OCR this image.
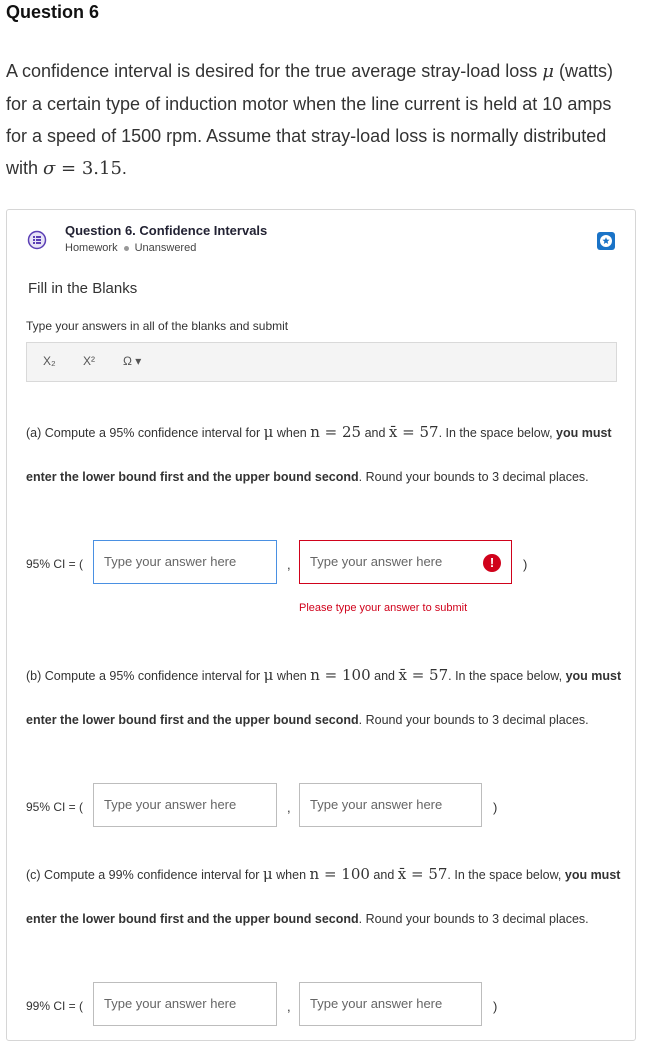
Question 6
A confidence interval is desired for the true average stray-load loss μ (watts) for a certain type of induction motor when the line current is held at 10 amps for a speed of 1500 rpm. Assume that stray-load loss is normally distributed with σ = 3.15.
Question 6. Confidence Intervals
Homework Unanswered
Fill in the Blanks
Type your answers in all of the blanks and submit
X₂ X² Ω ▾
(a) Compute a 95% confidence interval for μ when n = 25 and x̄ = 57. In the space below, you must enter the lower bound first and the upper bound second. Round your bounds to 3 decimal places.
95% CI = (	Type your answer here	,	Type your answer here	!	)
Please type your answer to submit
(b) Compute a 95% confidence interval for μ when n = 100 and x̄ = 57. In the space below, you must enter the lower bound first and the upper bound second. Round your bounds to 3 decimal places.
95% CI = (	Type your answer here	,	Type your answer here	)
(c) Compute a 99% confidence interval for μ when n = 100 and x̄ = 57. In the space below, you must enter the lower bound first and the upper bound second. Round your bounds to 3 decimal places.
99% CI = (	Type your answer here	,	Type your answer here	)
